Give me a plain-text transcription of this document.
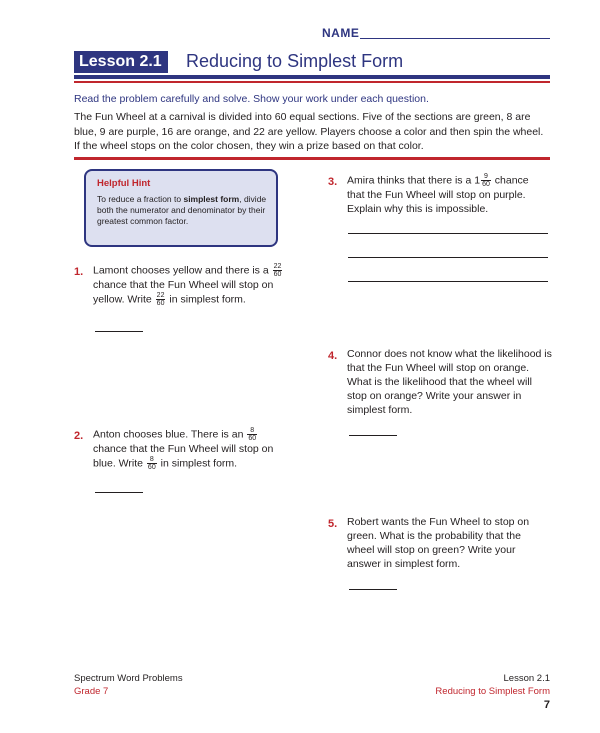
NAME
Lesson 2.1	Reducing to Simplest Form
Read the problem carefully and solve. Show your work under each question.
The Fun Wheel at a carnival is divided into 60 equal sections. Five of the sections are green, 8 are blue, 9 are purple, 16 are orange, and 22 are yellow. Players choose a color and then spin the wheel. If the wheel stops on the color chosen, they win a prize based on that color.
Helpful Hint
To reduce a fraction to simplest form, divide both the numerator and denominator by their greatest common factor.
1. Lamont chooses yellow and there is a $\frac{22}{60}$
chance that the Fun Wheel will stop on yellow. Write $\frac{22}{60}$ in simplest form.
2. Anton chooses blue. There is an $\frac{8}{60}$
chance that the Fun Wheel will stop on blue. Write $\frac{8}{60}$ in simplest form.
3. Amira thinks that there is a $1 \frac{9}{60}$ chance that the Fun Wheel will stop on purple. Explain why this is impossible.
4. Connor does not know what the likelihood is that the Fun Wheel will stop on orange. What is the likelihood that the wheel will stop on orange? Write your answer in simplest form.
5. Robert wants the Fun Wheel to stop on green. What is the probability that the wheel will stop on green? Write your answer in simplest form.
Spectrum Word Problems
Grade 7
Lesson 2.1
Reducing to Simplest Form
7
